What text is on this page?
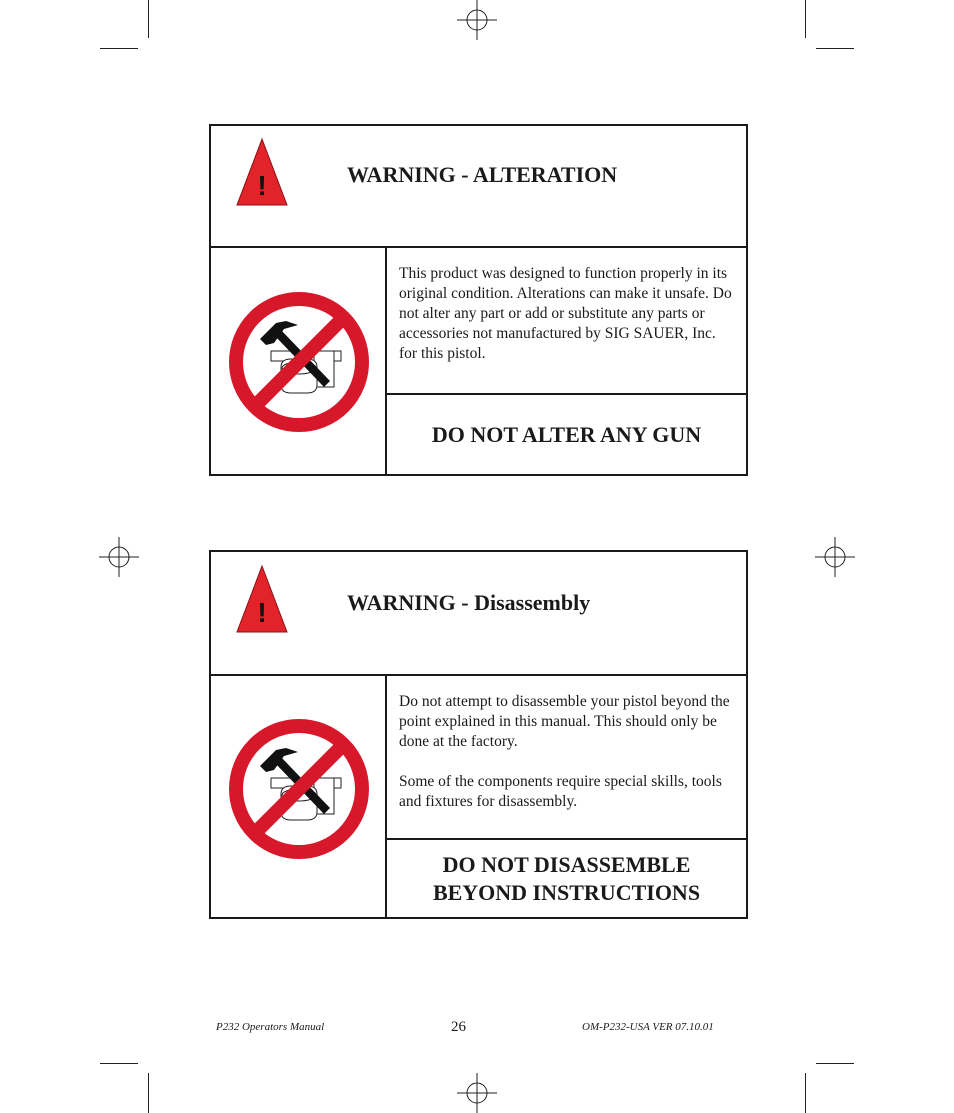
!	WARNING - ALTERATION

This product was designed to function properly in its original condition. Alterations can make it unsafe. Do not alter any part or add or substitute any parts or accessories not manufactured by SIG SAUER, Inc. for this pistol.

DO NOT ALTER ANY GUN

!	WARNING - Disassembly

Do not attempt to disassemble your pistol beyond the point explained in this manual. This should only be done at the factory.

Some of the components require special skills, tools and fixtures for disassembly.

DO NOT DISASSEMBLE
BEYOND INSTRUCTIONS

P232 Operators Manual	26	OM-P232-USA VER 07.10.01
